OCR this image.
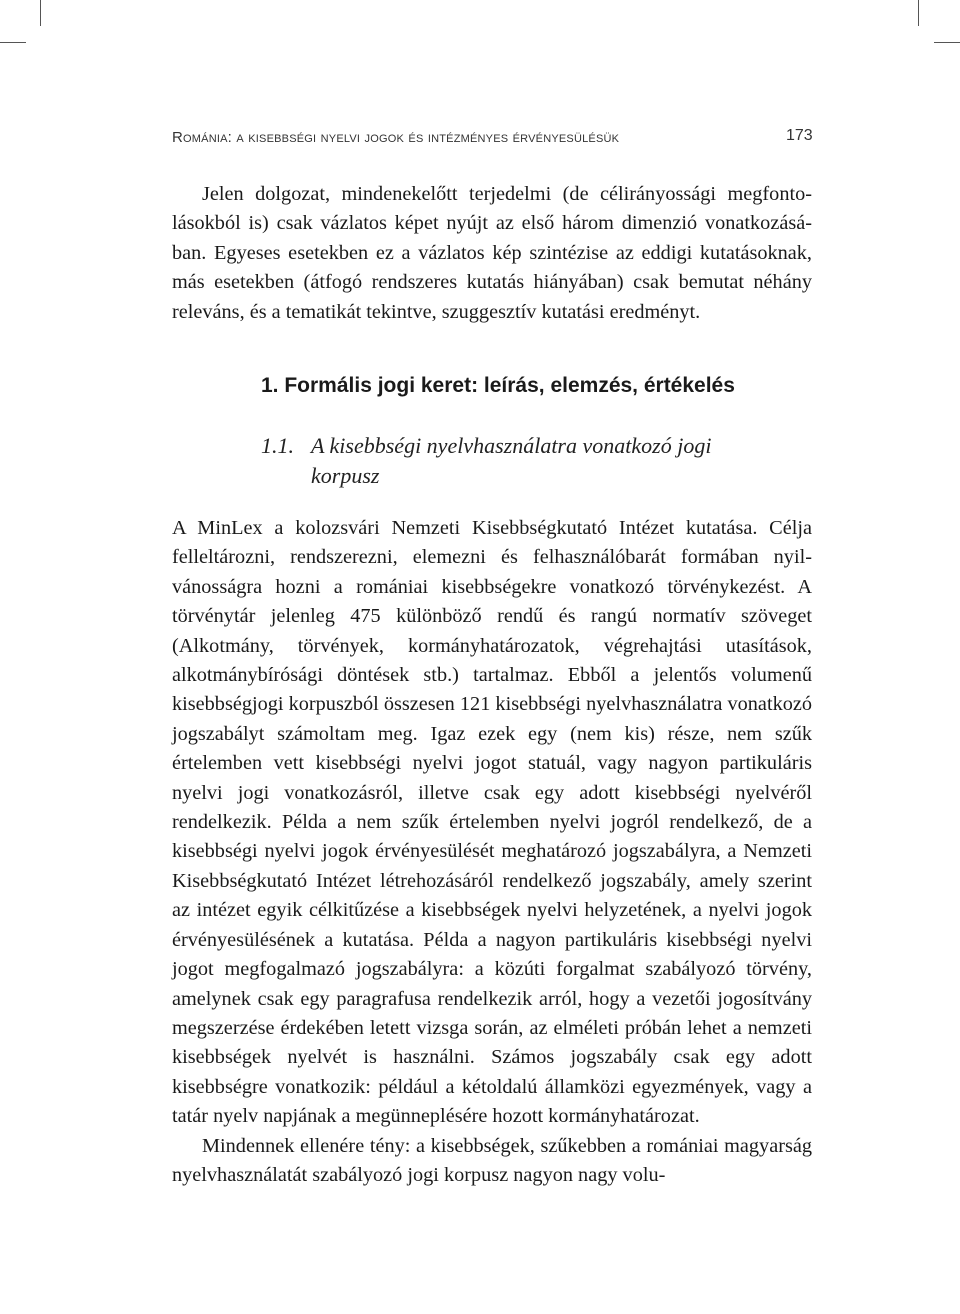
Románia: a kisebbségi nyelvi jogok és intézményes érvényesülésük	173

Jelen dolgozat, mindenekelőtt terjedelmi (de célirányossági megfontolásokból is) csak vázlatos képet nyújt az első három dimenzió vonatkozásában. Egyeses esetekben ez a vázlatos kép szintézise az eddigi kutatásoknak, más esetekben (átfogó rendszeres kutatás hiányában) csak bemutat néhány releváns, és a tematikát tekintve, szuggesztív kutatási eredményt.

1. Formális jogi keret: leírás, elemzés, értékelés
1.1. A kisebbségi nyelvhasználatra vonatkozó jogi
korpusz

A MinLex a kolozsvári Nemzeti Kisebbségkutató Intézet kutatása. Célja felleltározni, rendszerezni, elemezni és felhasználóbarát formában nyilvánosságra hozni a romániai kisebbségekre vonatkozó törvénykezést. A törvénytár jelenleg 475 különböző rendű és rangú normatív szöveget (Alkotmány, törvények, kormányhatározatok, végrehajtási utasítások, alkotmánybírósági döntések stb.) tartalmaz. Ebből a jelentős volumenű kisebbségjogi korpuszból összesen 121 kisebbségi nyelvhasználatra vonatkozó jogszabályt számoltam meg. Igaz ezek egy (nem kis) része, nem szűk értelemben vett kisebbségi nyelvi jogot statuál, vagy nagyon partikuláris nyelvi jogi vonatkozásról, illetve csak egy adott kisebbségi nyelvéről rendelkezik. Példa a nem szűk értelemben nyelvi jogról rendelkező, de a kisebbségi nyelvi jogok érvényesülését meghatározó jogszabályra, a Nemzeti Kisebbségkutató Intézet létrehozásáról rendelkező jogszabály, amely szerint az intézet egyik célkitűzése a kisebbségek nyelvi helyzetének, a nyelvi jogok érvényesülésének a kutatása. Példa a nagyon partikuláris kisebbségi nyelvi jogot megfogalmazó jogszabályra: a közúti forgalmat szabályozó törvény, amelynek csak egy paragrafusa rendelkezik arról, hogy a vezetői jogosítvány megszerzése érdekében letett vizsga során, az elméleti próbán lehet a nemzeti kisebbségek nyelvét is használni. Számos jogszabály csak egy adott kisebbségre vonatkozik: például a kétoldalú államközi egyezmények, vagy a tatár nyelv napjának a megünneplésére hozott kormányhatározat.

Mindennek ellenére tény: a kisebbségek, szűkebben a romániai magyarság nyelvhasználatát szabályozó jogi korpusz nagyon nagy volu-
